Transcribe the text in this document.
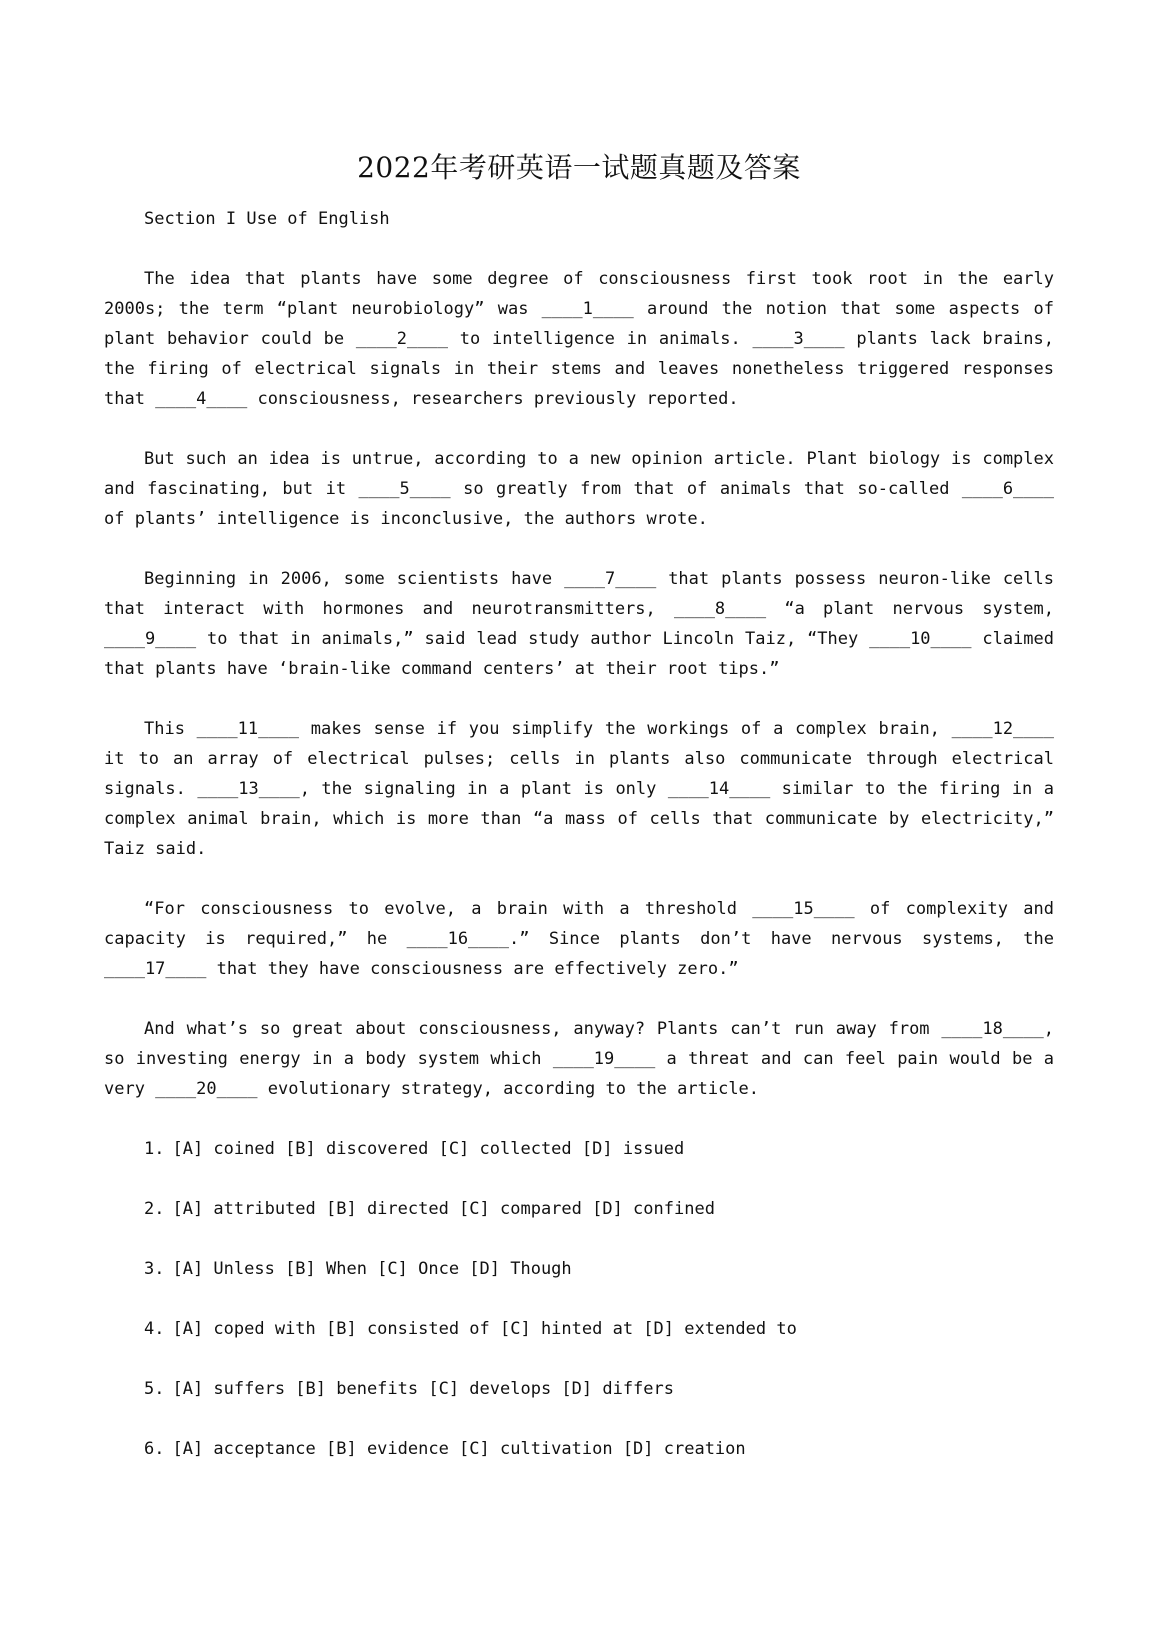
2022年考研英语一试题真题及答案
Section I Use of English

The idea that plants have some degree of consciousness first took root in the early 2000s; the term “plant neurobiology” was ____1____ around the notion that some aspects of plant behavior could be ____2____ to intelligence in animals. ____3____ plants lack brains, the firing of electrical signals in their stems and leaves nonetheless triggered responses that ____4____ consciousness, researchers previously reported.

But such an idea is untrue, according to a new opinion article. Plant biology is complex and fascinating, but it ____5____ so greatly from that of animals that so-called ____6____ of plants’ intelligence is inconclusive, the authors wrote.

Beginning in 2006, some scientists have ____7____ that plants possess neuron-like cells that interact with hormones and neurotransmitters, ____8____ “a plant nervous system, ____9____ to that in animals,” said lead study author Lincoln Taiz, “They ____10____ claimed that plants have ‘brain-like command centers’ at their root tips.”

This ____11____ makes sense if you simplify the workings of a complex brain, ____12____ it to an array of electrical pulses; cells in plants also communicate through electrical signals. ____13____, the signaling in a plant is only ____14____ similar to the firing in a complex animal brain, which is more than “a mass of cells that communicate by electricity,” Taiz said.

“For consciousness to evolve, a brain with a threshold ____15____ of complexity and capacity is required,” he ____16____.” Since plants don’t have nervous systems, the ____17____ that they have consciousness are effectively zero.”

And what’s so great about consciousness, anyway? Plants can’t run away from ____18____, so investing energy in a body system which ____19____ a threat and can feel pain would be a very ____20____ evolutionary strategy, according to the article.

1. [A] coined [B] discovered [C] collected [D] issued
2. [A] attributed [B] directed [C] compared [D] confined
3. [A] Unless [B] When [C] Once [D] Though
4. [A] coped with [B] consisted of [C] hinted at [D] extended to
5. [A] suffers [B] benefits [C] develops [D] differs
6. [A] acceptance [B] evidence [C] cultivation [D] creation
